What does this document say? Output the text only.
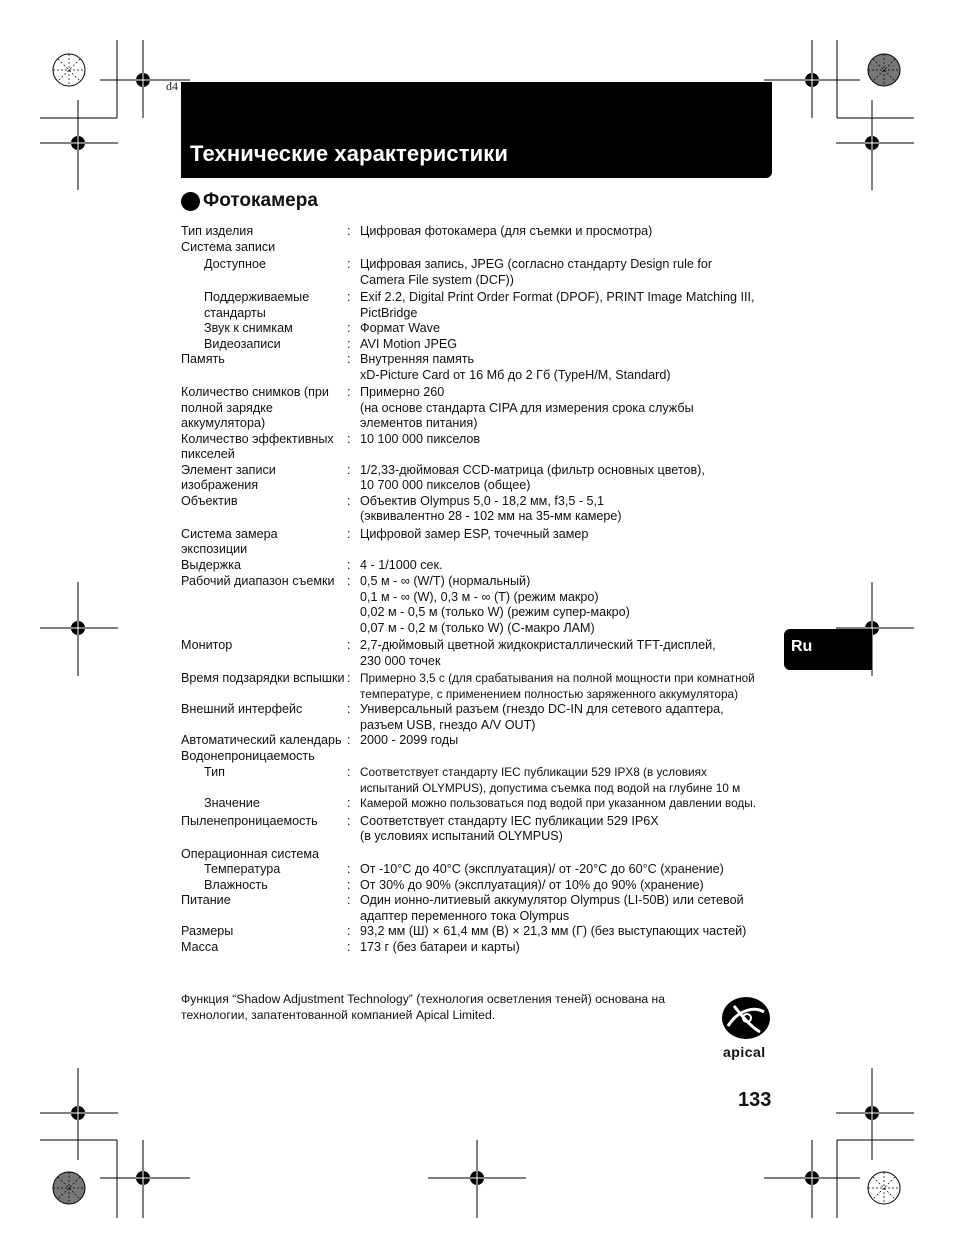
d4
Технические характеристики
Фотокамера
Тип изделия	: Цифровая фотокамера (для съемки и просмотра)
Система записи
Доступное	: Цифровая запись, JPEG (согласно стандарту Design rule for
Camera File system (DCF))
Поддерживаемые стандарты
: Exif 2.2, Digital Print Order Format (DPOF), PRINT Image Matching III,
PictBridge
Звук к снимкам	: Формат Wave
Видеозаписи	: AVI Motion JPEG
Память	: Внутренняя память
xD-Picture Card от 16 Мб до 2 Гб (TypeH/M, Standard)
Количество снимков (при полной зарядке аккумулятора)
: Примерно 260
(на основе стандарта CIPA для измерения срока службы
элементов питания)
Количество эффективных пикселей
: 10 100 000 пикселов
Элемент записи изображения
: 1/2,33-дюймовая CCD-матрица (фильтр основных цветов),
10 700 000 пикселов (общее)
Объектив	: Объектив Olympus 5,0 - 18,2 мм, f3,5 - 5,1
(эквивалентно 28 - 102 мм на 35-мм камере)
Система замера экспозиции
: Цифровой замер ESP, точечный замер
Выдержка	: 4 - 1/1000 сек.
Рабочий диапазон съемки : 0,5 м - ∞ (W/T) (нормальный)
0,1 м - ∞ (W), 0,3 м - ∞ (T) (режим макро)
0,02 м - 0,5 м (только W) (режим супер-макро)
0,07 м - 0,2 м (только W) (С-макро ЛАМ)
Монитор	: 2,7-дюймовый цветной жидкокристаллический TFT-дисплей,
230 000 точек
Время подзарядки вспышки : Примерно 3,5 с (для срабатывания на полной мощности при комнатной
температуре, с применением полностью заряженного аккумулятора)
Внешний интерфейс	: Универсальный разъем (гнездо DC-IN для сетевого адаптера,
разъем USB, гнездо A/V OUT)
Автоматический календарь : 2000 - 2099 годы
Водонепроницаемость
Тип	: Соответствует стандарту IEC публикации 529 IPX8 (в условиях
испытаний OLYMPUS), допустима съемка под водой на глубине 10 м
Значение	: Камерой можно пользоваться под водой при указанном давлении воды.
Пыленепроницаемость	: Соответствует стандарту IEC публикации 529 IP6X
(в условиях испытаний OLYMPUS)
Операционная система
Температура	: От -10°C до 40°C (эксплуатация)/ от -20°C до 60°C (хранение)
Влажность	: От 30% до 90% (эксплуатация)/ от 10% до 90% (хранение)
Питание	: Один ионно-литиевый аккумулятор Olympus (LI-50B) или сетевой
адаптер переменного тока Olympus
Размеры	: 93,2 мм (Ш) × 61,4 мм (В) × 21,3 мм (Г) (без выступающих частей)
Масса	: 173 г (без батареи и карты)
Ru
Функция “Shadow Adjustment Technology” (технология осветления теней) основана на технологии, запатентованной компанией Apical Limited.
apical
133
